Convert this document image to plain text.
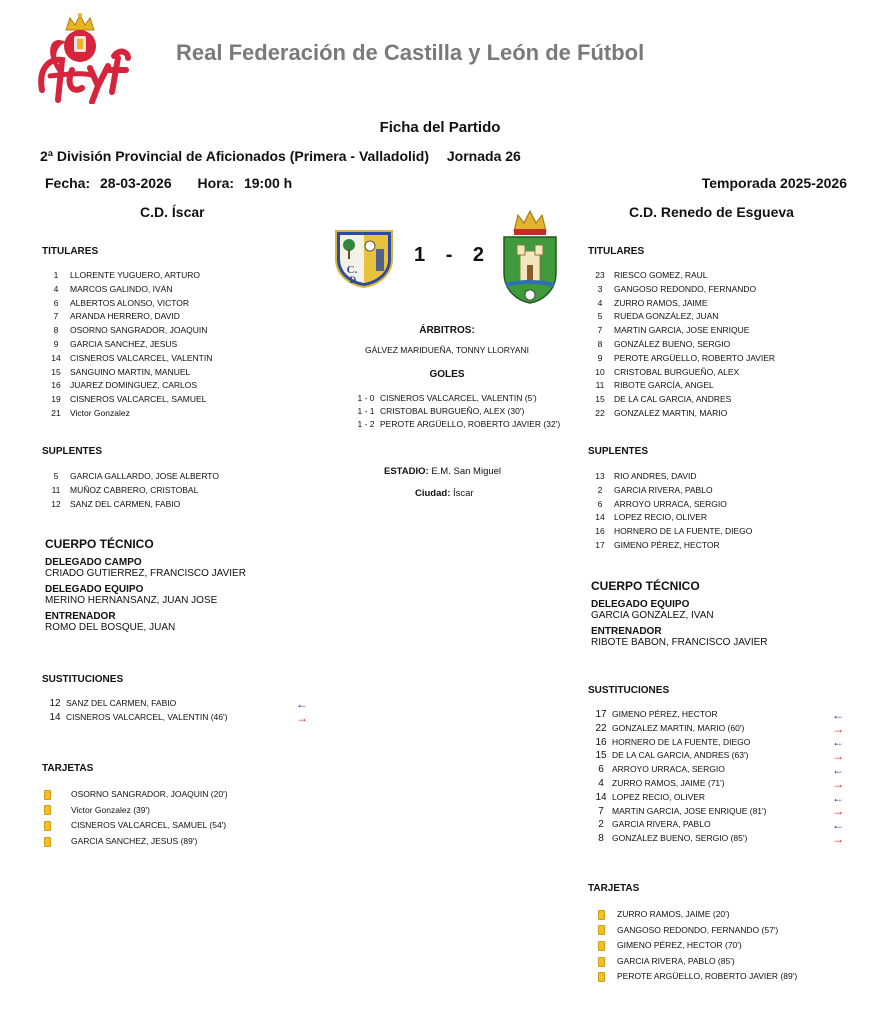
Real Federación de Castilla y León de Fútbol
Ficha del Partido
2ª División Provincial de Aficionados (Primera - Valladolid) Jornada 26
Fecha: 28-03-2026 Hora: 19:00 h	Temporada 2025-2026
C.D. Íscar	C.D. Renedo de Esgueva
C.
D.
1 - 2
ÁRBITROS:
GÁLVEZ MARIDUEÑA, TONNY LLORYANI
GOLES
1 - 0 CISNEROS VALCARCEL, VALENTIN (5')
1 - 1 CRISTOBAL BURGUEÑO, ALEX (30')
1 - 2 PEROTE ARGÜELLO, ROBERTO JAVIER (32')
ESTADIO: E.M. San Miguel
Ciudad: Íscar
TITULARES
1	LLORENTE YUGUERO, ARTURO
4	MARCOS GALINDO, IVÁN
6	ALBERTOS ALONSO, VICTOR
7	ARANDA HERRERO, DAVID
8	OSORNO SANGRADOR, JOAQUIN
9	GARCIA SANCHEZ, JESUS
14	CISNEROS VALCARCEL, VALENTIN
15	SANGUINO MARTIN, MANUEL
16	JUAREZ DOMINGUEZ, CARLOS
19	CISNEROS VALCARCEL, SAMUEL
21	Victor Gonzalez
SUPLENTES
5	GARCIA GALLARDO, JOSE ALBERTO
11	MUÑOZ CABRERO, CRISTOBAL
12	SANZ DEL CARMEN, FABIO
CUERPO TÉCNICO
DELEGADO CAMPO
CRIADO GUTIERREZ, FRANCISCO JAVIER
DELEGADO EQUIPO
MERINO HERNANSANZ, JUAN JOSE
ENTRENADOR
ROMO DEL BOSQUE, JUAN
SUSTITUCIONES
12 SANZ DEL CARMEN, FABIO	←
14 CISNEROS VALCARCEL, VALENTIN (46')	→
TARJETAS
OSORNO SANGRADOR, JOAQUIN (20')
Victor Gonzalez (39')
CISNEROS VALCARCEL, SAMUEL (54')
GARCIA SANCHEZ, JESUS (89')
TITULARES
23	RIESCO GOMEZ, RAUL
3	GANGOSO REDONDO, FERNANDO
4	ZURRO RAMOS, JAIME
5	RUEDA GONZÁLEZ, JUAN
7	MARTIN GARCIA, JOSE ENRIQUE
8	GONZÁLEZ BUENO, SERGIO
9	PEROTE ARGÜELLO, ROBERTO JAVIER
10	CRISTOBAL BURGUEÑO, ALEX
11	RIBOTE GARCÍA, ANGEL
15	DE LA CAL GARCIA, ANDRES
22	GONZALEZ MARTIN, MARIO
SUPLENTES
13	RIO ANDRES, DAVID
2	GARCIA RIVERA, PABLO
6	ARROYO URRACA, SERGIO
14	LOPEZ RECIO, OLIVER
16	HORNERO DE LA FUENTE, DIEGO
17	GIMENO PÉREZ, HECTOR
CUERPO TÉCNICO
DELEGADO EQUIPO
GARCIA GONZALEZ, IVAN
ENTRENADOR
RIBOTE BABON, FRANCISCO JAVIER
SUSTITUCIONES
17 GIMENO PÉREZ, HECTOR	←
22 GONZALEZ MARTIN, MARIO (60')	→
16 HORNERO DE LA FUENTE, DIEGO	←
15 DE LA CAL GARCIA, ANDRES (63')	→
6 ARROYO URRACA, SERGIO	←
4 ZURRO RAMOS, JAIME (71')	→
14 LOPEZ RECIO, OLIVER	←
7 MARTIN GARCIA, JOSE ENRIQUE (81')	→
2 GARCIA RIVERA, PABLO	←
8 GONZÁLEZ BUENO, SERGIO (85')	→
TARJETAS
ZURRO RAMOS, JAIME (20')
GANGOSO REDONDO, FERNANDO (57')
GIMENO PÉREZ, HECTOR (70')
GARCIA RIVERA, PABLO (85')
PEROTE ARGÜELLO, ROBERTO JAVIER (89')
